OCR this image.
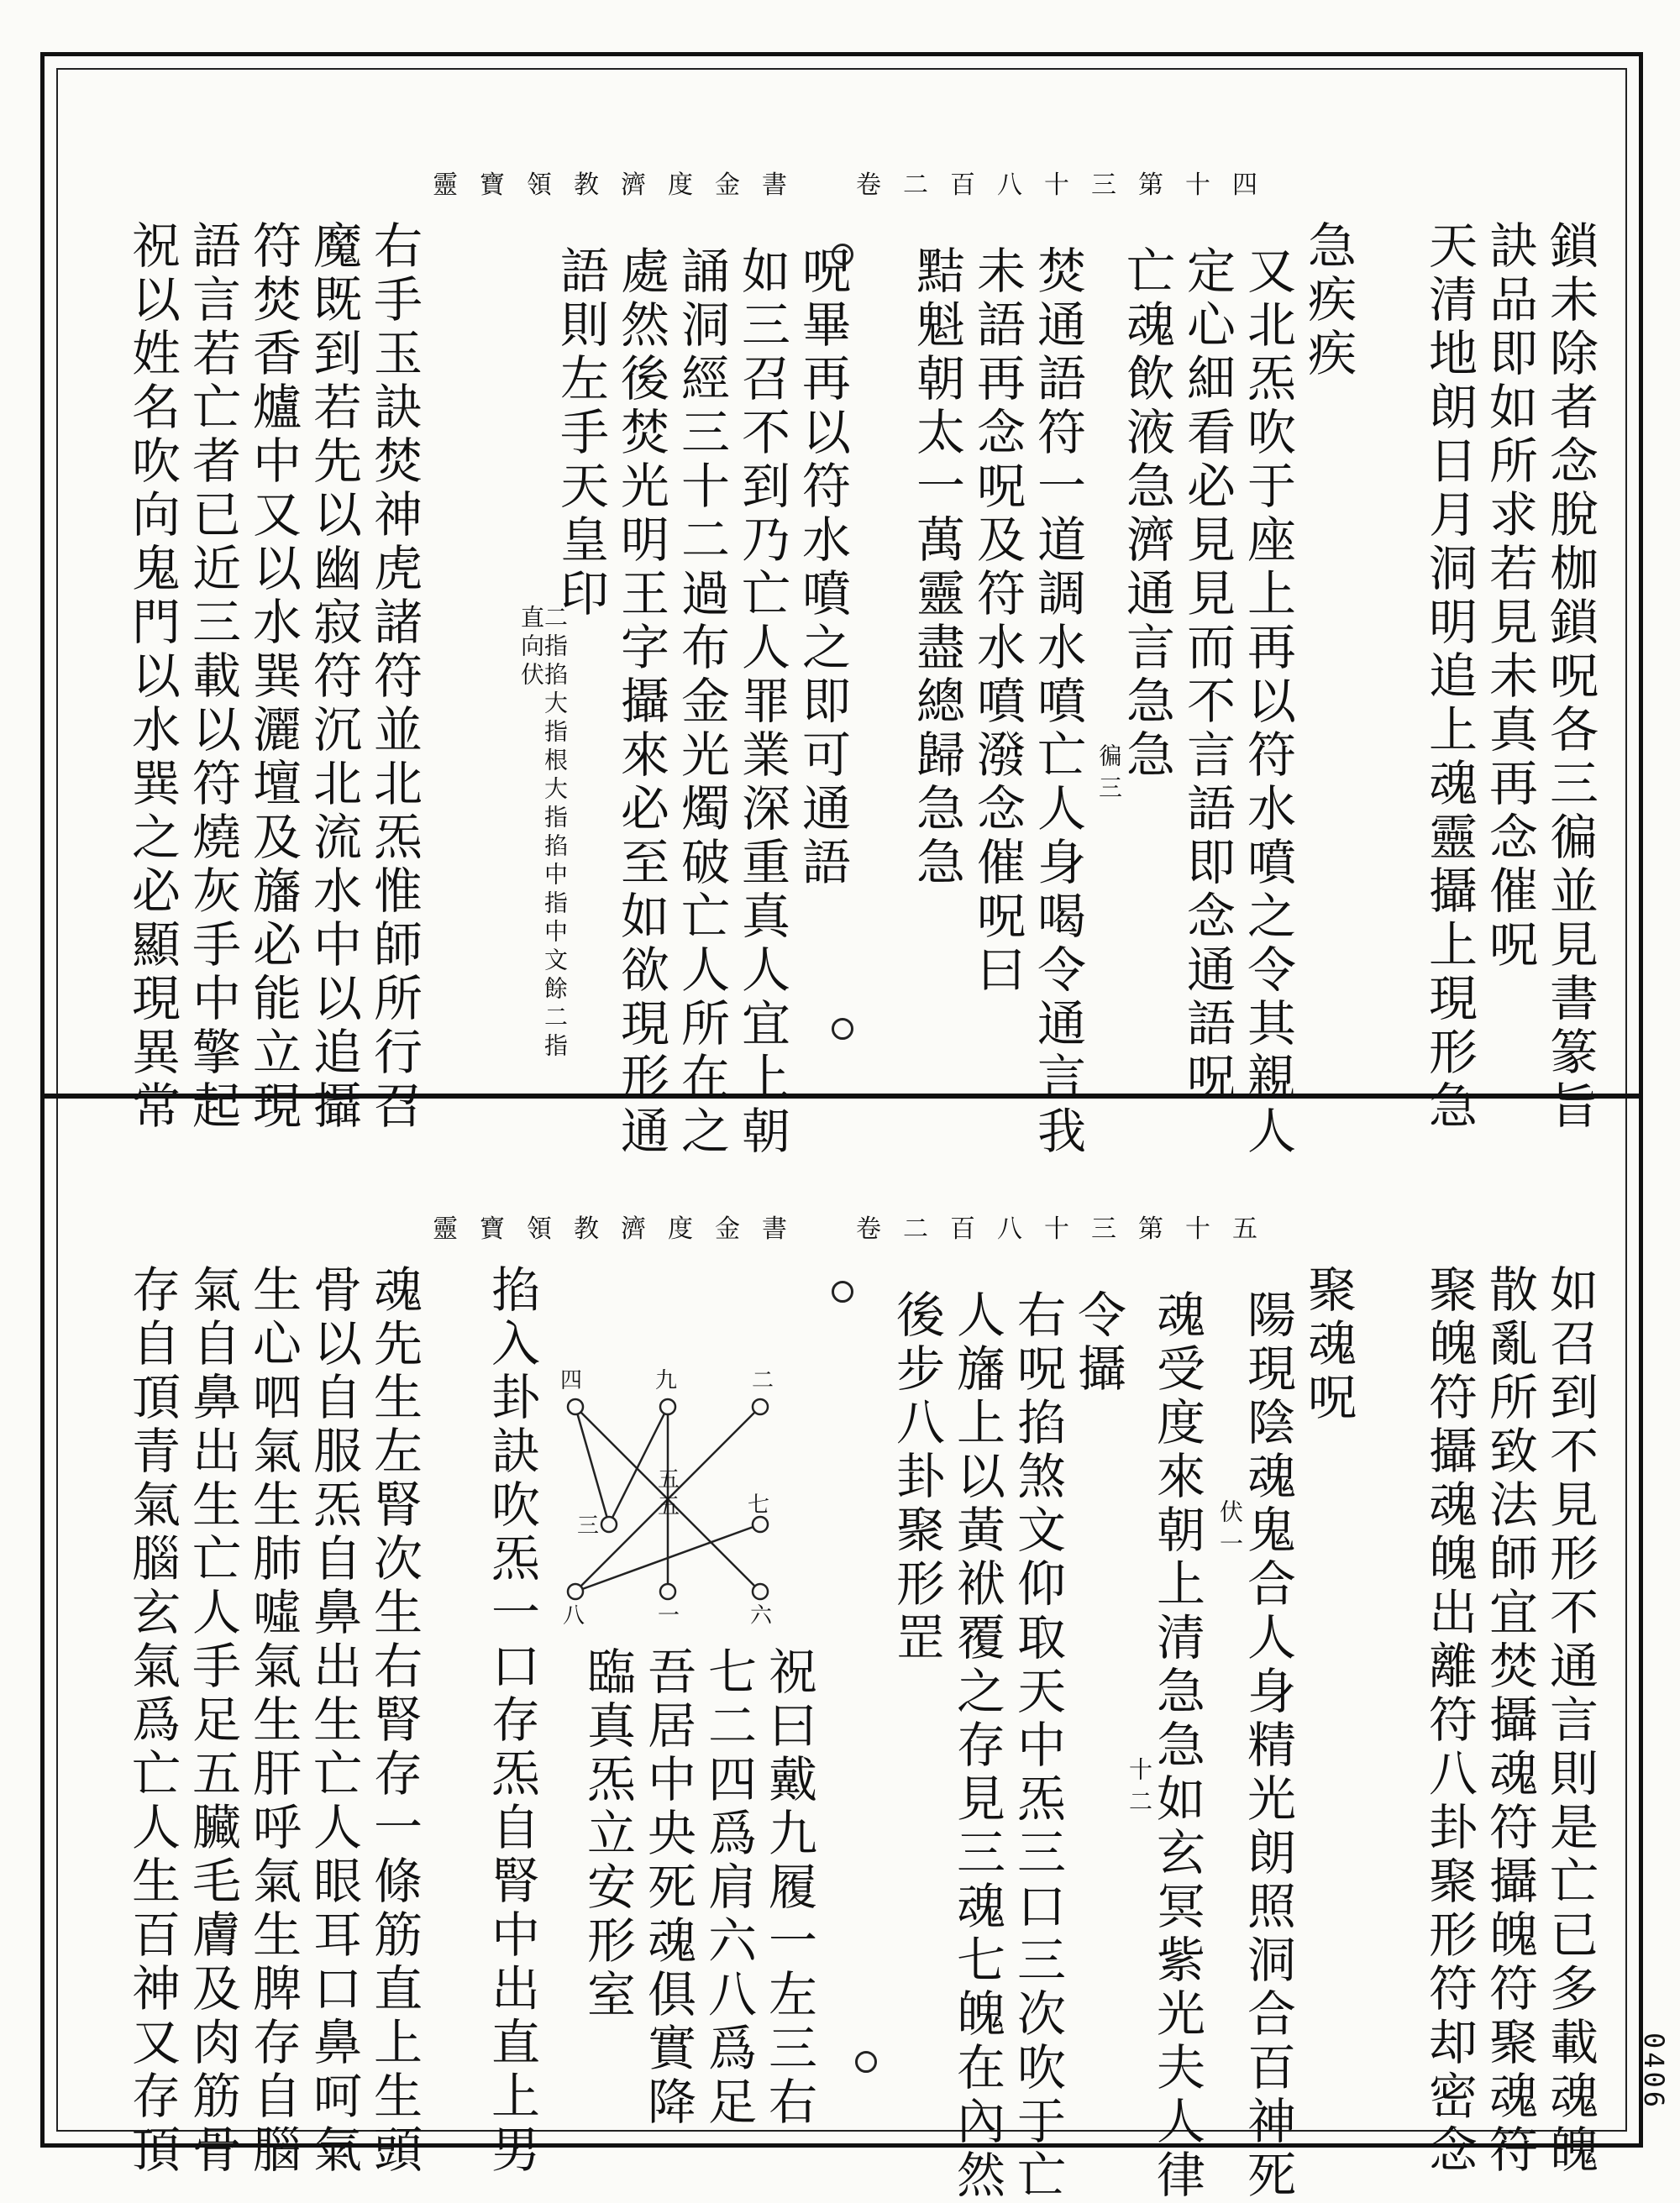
靈寶領教濟度金書　卷二百八十三第十四
鎖未除者念脫枷鎖呪各三徧並見書篆旨
訣品即如所求若見未真再念催呪
天清地朗日月洞明追上魂靈攝上現形急
急疾疾
又北炁吹于座上再以符水噴之令其親人
定心細看必見見而不言語即念通語呪
亡魂飲液急濟通言急急
徧三
焚通語符一道調水噴亡人身喝令通言我
未語再念呪及符水噴潑念催呪曰
黠魁朝太一萬靈盡總歸急急
呪畢再以符水噴之即可通語
如三召不到乃亡人罪業深重真人宜上朝
誦洞經三十二過布金光燭破亡人所在之
處然後焚光明王字攝來必至如欲現形通
語則左手天皇印
二指掐大指根大指掐中指中文餘二指直向伏
右手玉訣焚神虎諸符並北炁惟師所行召
魔既到若先以幽寂符沉北流水中以追攝
符焚香爐中又以水巽灑壇及旛必能立現
語言若亡者已近三載以符燒灰手中擎起
祝以姓名吹向鬼門以水巽之必顯現異常
靈寶領教濟度金書　卷二百八十三第十五
如召到不見形不通言則是亡已多載魂魄
散亂所致法師宜焚攝魂符攝魄符聚魂符
聚魄符攝魂魄出離符八卦聚形符却密念
聚魂呪
陽現陰魂鬼合人身精光朗照洞合百神死
伏一
魂受度來朝上清急急如玄冥紫光夫人律
十二
令攝
右呪掐煞文仰取天中炁三口三次吹于亡
人旛上以黃袱覆之存見三魂七魄在內然
後步八卦聚形罡
祝曰戴九履一左三右
七二四爲肩六八爲足
吾居中央死魂俱實降
臨真炁立安形室
掐入卦訣吹炁一口存炁自腎中出直上男
魂先生左腎次生右腎存一條筋直上生頭
骨以自服炁自鼻出生亡人眼耳口鼻呵氣
生心呬氣生肺噓氣生肝呼氣生脾存自腦
氣自鼻出生亡人手足五臟毛膚及肉筋骨
存自頂青氣腦玄氣爲亡人生百神又存頂	四	九	二
三
五
五	七
八	一	六
0406
